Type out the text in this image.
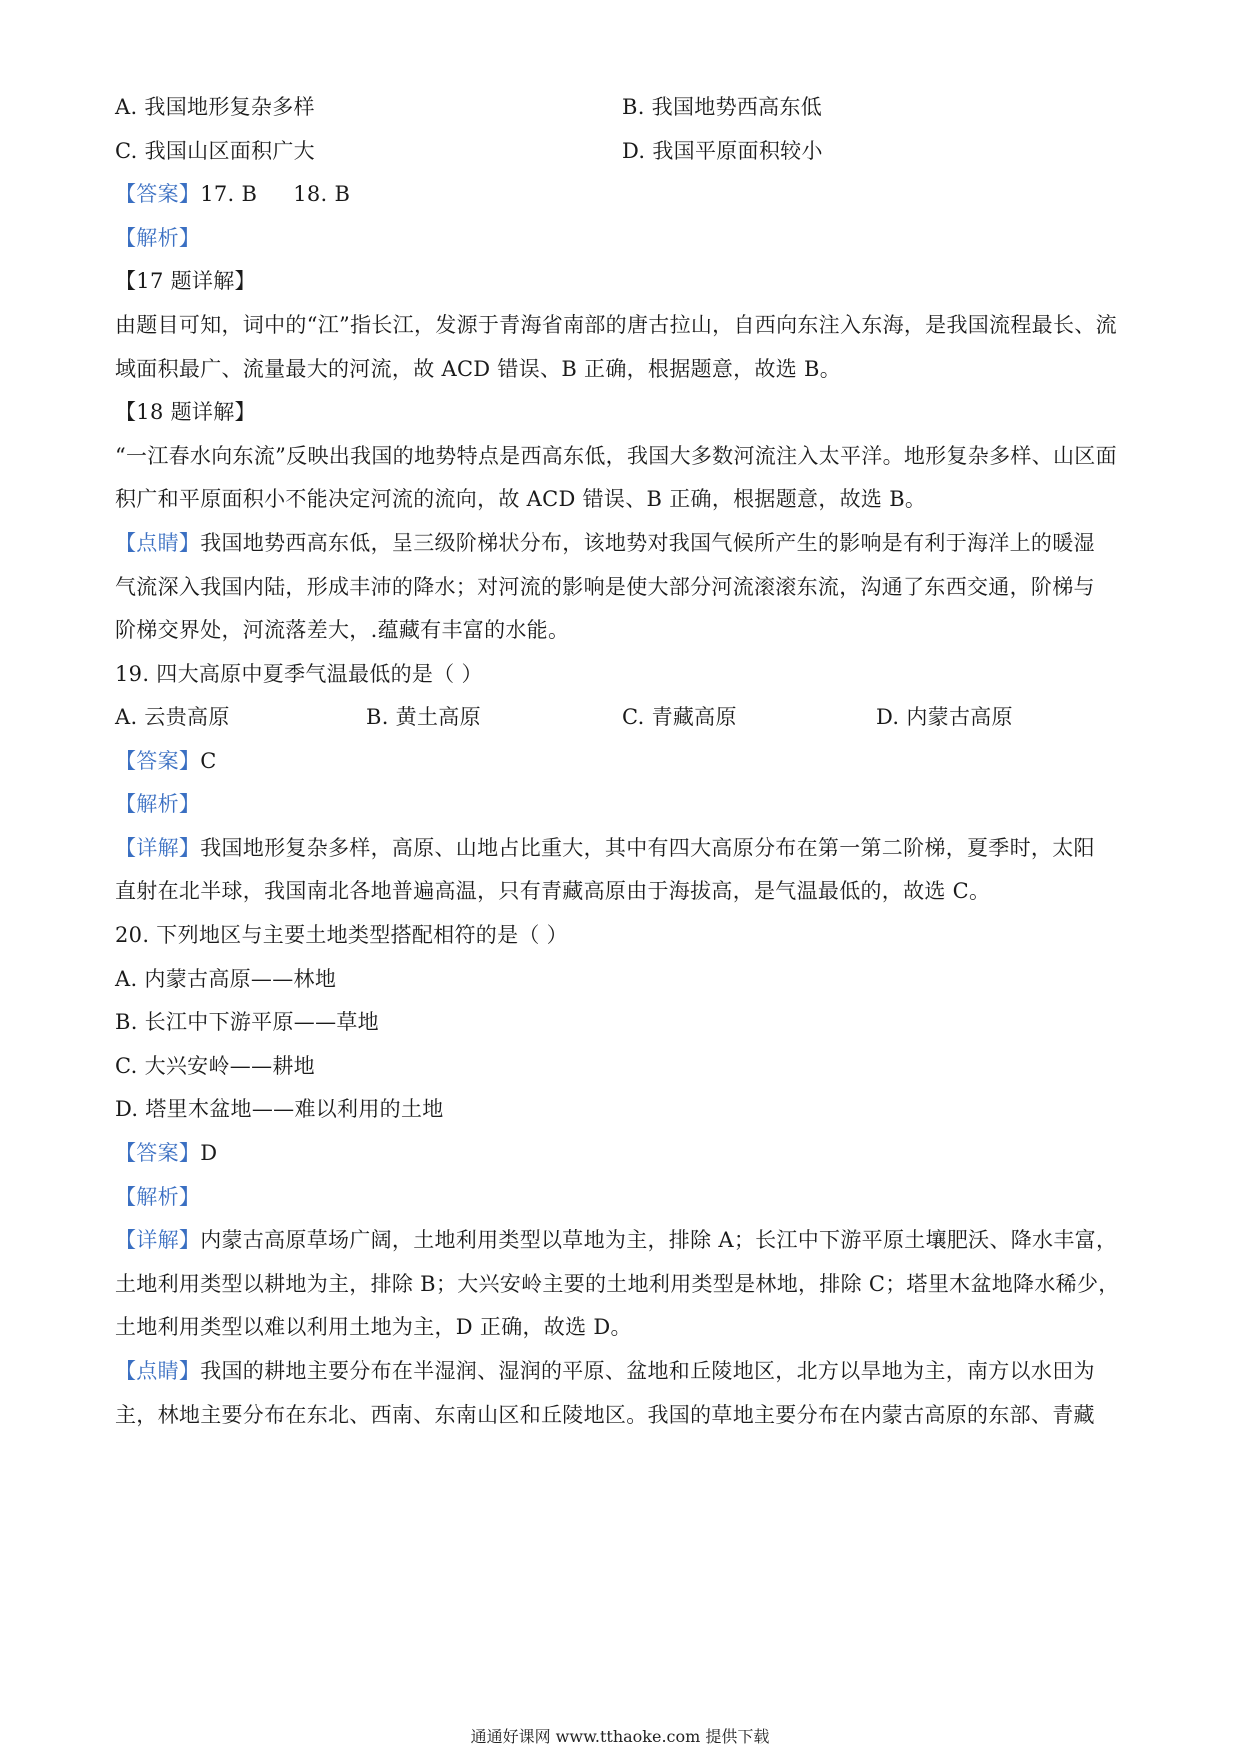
A. 我国地形复杂多样	B. 我国地势西高东低
C. 我国山区面积广大	D. 我国平原面积较小
【答案】17. B 18. B
【解析】
【17 题详解】
由题目可知，词中的“江”指长江，发源于青海省南部的唐古拉山，自西向东注入东海，是我国流程最长、流
域面积最广、流量最大的河流，故 ACD 错误、B 正确，根据题意，故选 B。
【18 题详解】
“一江春水向东流”反映出我国的地势特点是西高东低，我国大多数河流注入太平洋。地形复杂多样、山区面
积广和平原面积小不能决定河流的流向，故 ACD 错误、B 正确，根据题意，故选 B。
【点睛】我国地势西高东低，呈三级阶梯状分布，该地势对我国气候所产生的影响是有利于海洋上的暖湿
气流深入我国内陆，形成丰沛的降水；对河流的影响是使大部分河流滚滚东流，沟通了东西交通，阶梯与
阶梯交界处，河流落差大，.蕴藏有丰富的水能。
19. 四大高原中夏季气温最低的是（ ）
A. 云贵高原	B. 黄土高原	C. 青藏高原	D. 内蒙古高原
【答案】C
【解析】
【详解】我国地形复杂多样，高原、山地占比重大，其中有四大高原分布在第一第二阶梯，夏季时，太阳
直射在北半球，我国南北各地普遍高温，只有青藏高原由于海拔高，是气温最低的，故选 C。
20. 下列地区与主要土地类型搭配相符的是（ ）
A. 内蒙古高原——林地
B. 长江中下游平原——草地
C. 大兴安岭——耕地
D. 塔里木盆地——难以利用的土地
【答案】D
【解析】
【详解】内蒙古高原草场广阔，土地利用类型以草地为主，排除 A；长江中下游平原土壤肥沃、降水丰富，
土地利用类型以耕地为主，排除 B；大兴安岭主要的土地利用类型是林地，排除 C；塔里木盆地降水稀少，
土地利用类型以难以利用土地为主，D 正确，故选 D。
【点睛】我国的耕地主要分布在半湿润、湿润的平原、盆地和丘陵地区，北方以旱地为主，南方以水田为
主，林地主要分布在东北、西南、东南山区和丘陵地区。我国的草地主要分布在内蒙古高原的东部、青藏
通通好课网 www.tthaoke.com 提供下载
